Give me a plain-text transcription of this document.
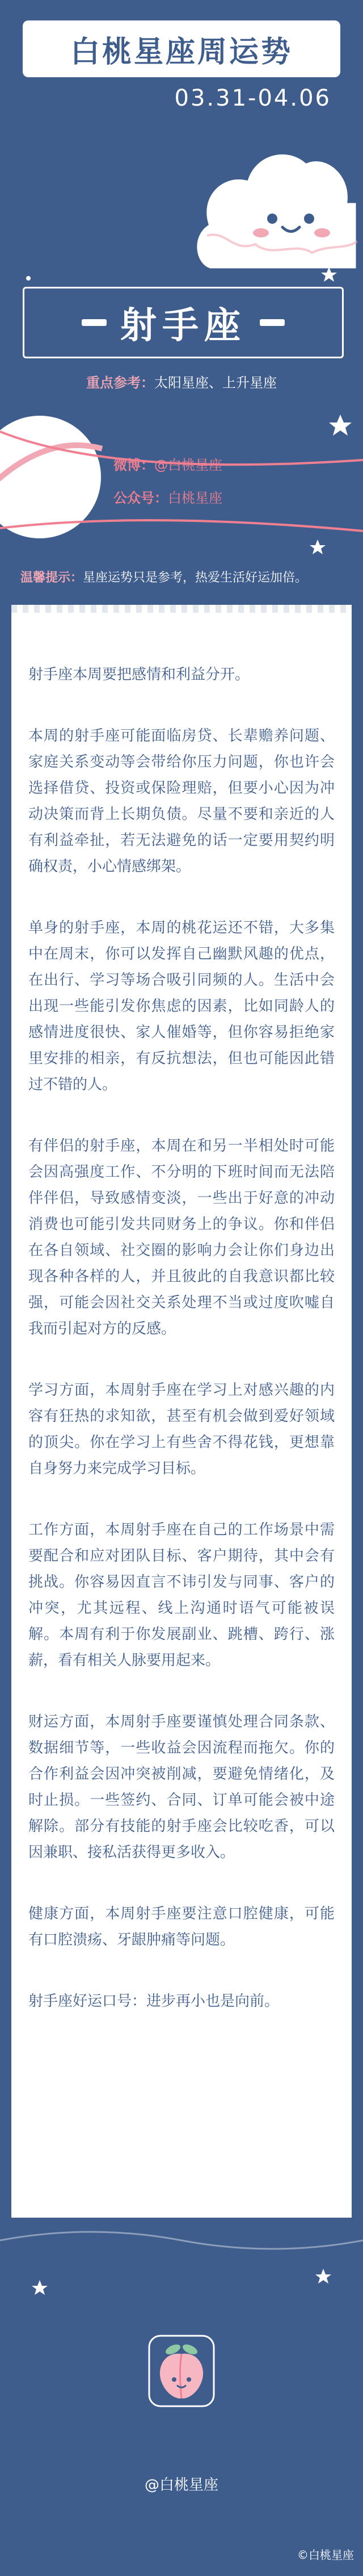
白桃星座周运势
03.31-04.06
射手座
重点参考：太阳星座、上升星座
微博：@白桃星座
公众号：白桃星座
温馨提示：星座运势只是参考，热爱生活好运加倍。

射手座本周要把感情和利益分开。

本周的射手座可能面临房贷、长辈赡养问题、家庭关系变动等会带给你压力问题，你也许会选择借贷、投资或保险理赔，但要小心因为冲动决策而背上长期负债。尽量不要和亲近的人有利益牵扯，若无法避免的话一定要用契约明确权责，小心情感绑架。

单身的射手座，本周的桃花运还不错，大多集中在周末，你可以发挥自己幽默风趣的优点，在出行、学习等场合吸引同频的人。生活中会出现一些能引发你焦虑的因素，比如同龄人的感情进度很快、家人催婚等，但你容易拒绝家里安排的相亲，有反抗想法，但也可能因此错过不错的人。

有伴侣的射手座，本周在和另一半相处时可能会因高强度工作、不分明的下班时间而无法陪伴伴侣，导致感情变淡，一些出于好意的冲动消费也可能引发共同财务上的争议。你和伴侣在各自领域、社交圈的影响力会让你们身边出现各种各样的人，并且彼此的自我意识都比较强，可能会因社交关系处理不当或过度吹嘘自我而引起对方的反感。

学习方面，本周射手座在学习上对感兴趣的内容有狂热的求知欲，甚至有机会做到爱好领域的顶尖。你在学习上有些舍不得花钱，更想靠自身努力来完成学习目标。

工作方面，本周射手座在自己的工作场景中需要配合和应对团队目标、客户期待，其中会有挑战。你容易因直言不讳引发与同事、客户的冲突，尤其远程、线上沟通时语气可能被误解。本周有利于你发展副业、跳槽、跨行、涨薪，看有相关人脉要用起来。

财运方面，本周射手座要谨慎处理合同条款、数据细节等，一些收益会因流程而拖欠。你的合作利益会因冲突被削减，要避免情绪化，及时止损。一些签约、合同、订单可能会被中途解除。部分有技能的射手座会比较吃香，可以因兼职、接私活获得更多收入。

健康方面，本周射手座要注意口腔健康，可能有口腔溃疡、牙龈肿痛等问题。

射手座好运口号：进步再小也是向前。

@白桃星座
©白桃星座
